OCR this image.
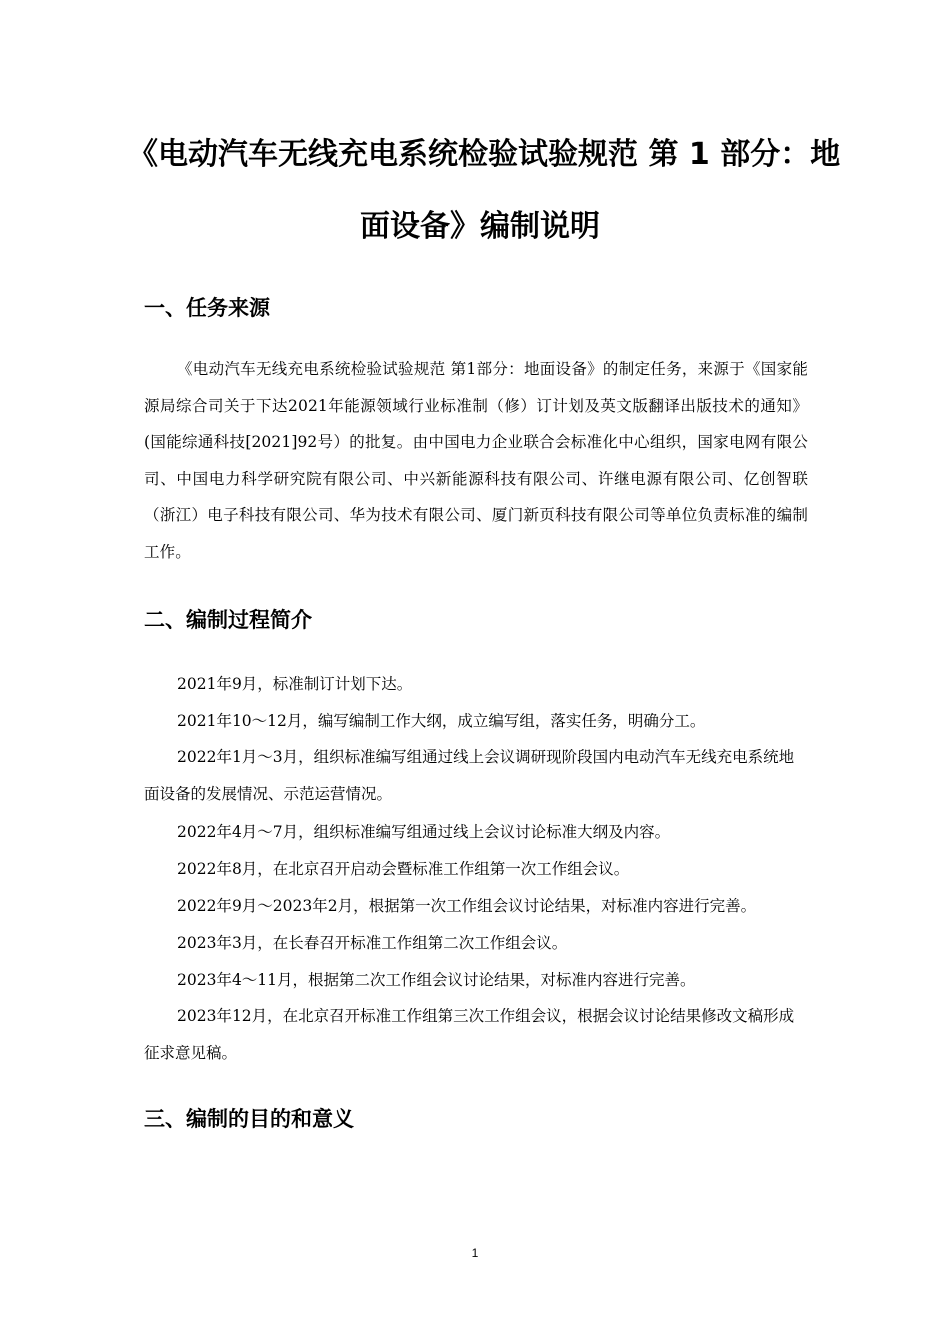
《电动汽车无线充电系统检验试验规范 第 1 部分：地
面设备》编制说明
一、任务来源
《电动汽车无线充电系统检验试验规范 第1部分：地面设备》的制定任务，来源于《国家能源局综合司关于下达2021年能源领域行业标准制（修）订计划及英文版翻译出版技术的通知》(国能综通科技[2021]92号）的批复。由中国电力企业联合会标准化中心组织，国家电网有限公司、中国电力科学研究院有限公司、中兴新能源科技有限公司、许继电源有限公司、亿创智联（浙江）电子科技有限公司、华为技术有限公司、厦门新页科技有限公司等单位负责标准的编制工作。
二、编制过程简介
2021年9月，标准制订计划下达。
2021年10～12月，编写编制工作大纲，成立编写组，落实任务，明确分工。
2022年1月～3月，组织标准编写组通过线上会议调研现阶段国内电动汽车无线充电系统地面设备的发展情况、示范运营情况。
2022年4月～7月，组织标准编写组通过线上会议讨论标准大纲及内容。
2022年8月，在北京召开启动会暨标准工作组第一次工作组会议。
2022年9月～2023年2月，根据第一次工作组会议讨论结果，对标准内容进行完善。
2023年3月，在长春召开标准工作组第二次工作组会议。
2023年4～11月，根据第二次工作组会议讨论结果，对标准内容进行完善。
2023年12月，在北京召开标准工作组第三次工作组会议，根据会议讨论结果修改文稿形成征求意见稿。
三、编制的目的和意义
1
